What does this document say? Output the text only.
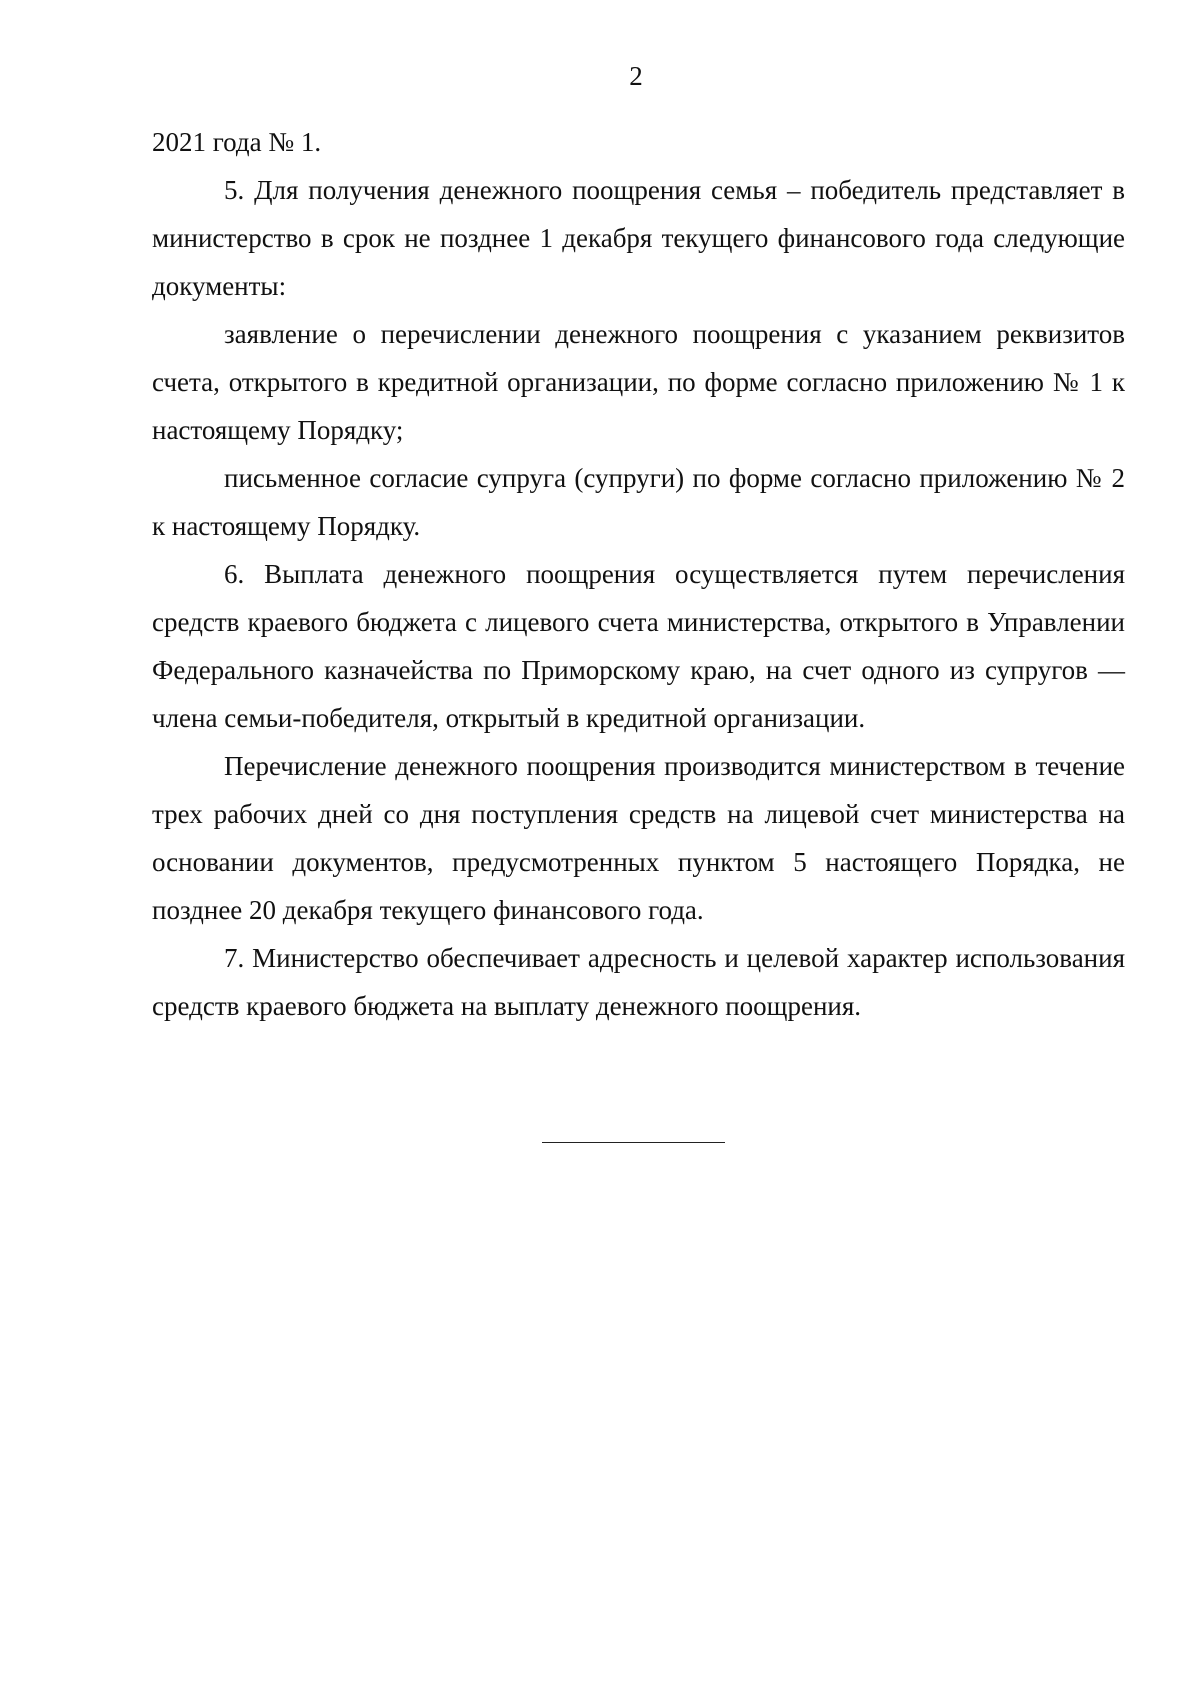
2

2021 года № 1.

5. Для получения денежного поощрения семья – победитель представляет в министерство в срок не позднее 1 декабря текущего финансового года следующие документы:

заявление о перечислении денежного поощрения с указанием реквизитов счета, открытого в кредитной организации, по форме согласно приложению № 1 к настоящему Порядку;

письменное согласие супруга (супруги) по форме согласно приложению № 2 к настоящему Порядку.

6. Выплата денежного поощрения осуществляется путем перечисления средств краевого бюджета с лицевого счета министерства, открытого в Управлении Федерального казначейства по Приморскому краю, на счет одного из супругов — члена семьи-победителя, открытый в кредитной организации.

Перечисление денежного поощрения производится министерством в течение трех рабочих дней со дня поступления средств на лицевой счет министерства на основании документов, предусмотренных пунктом 5 настоящего Порядка, не позднее 20 декабря текущего финансового года.

7. Министерство обеспечивает адресность и целевой характер использования средств краевого бюджета на выплату денежного поощрения.
